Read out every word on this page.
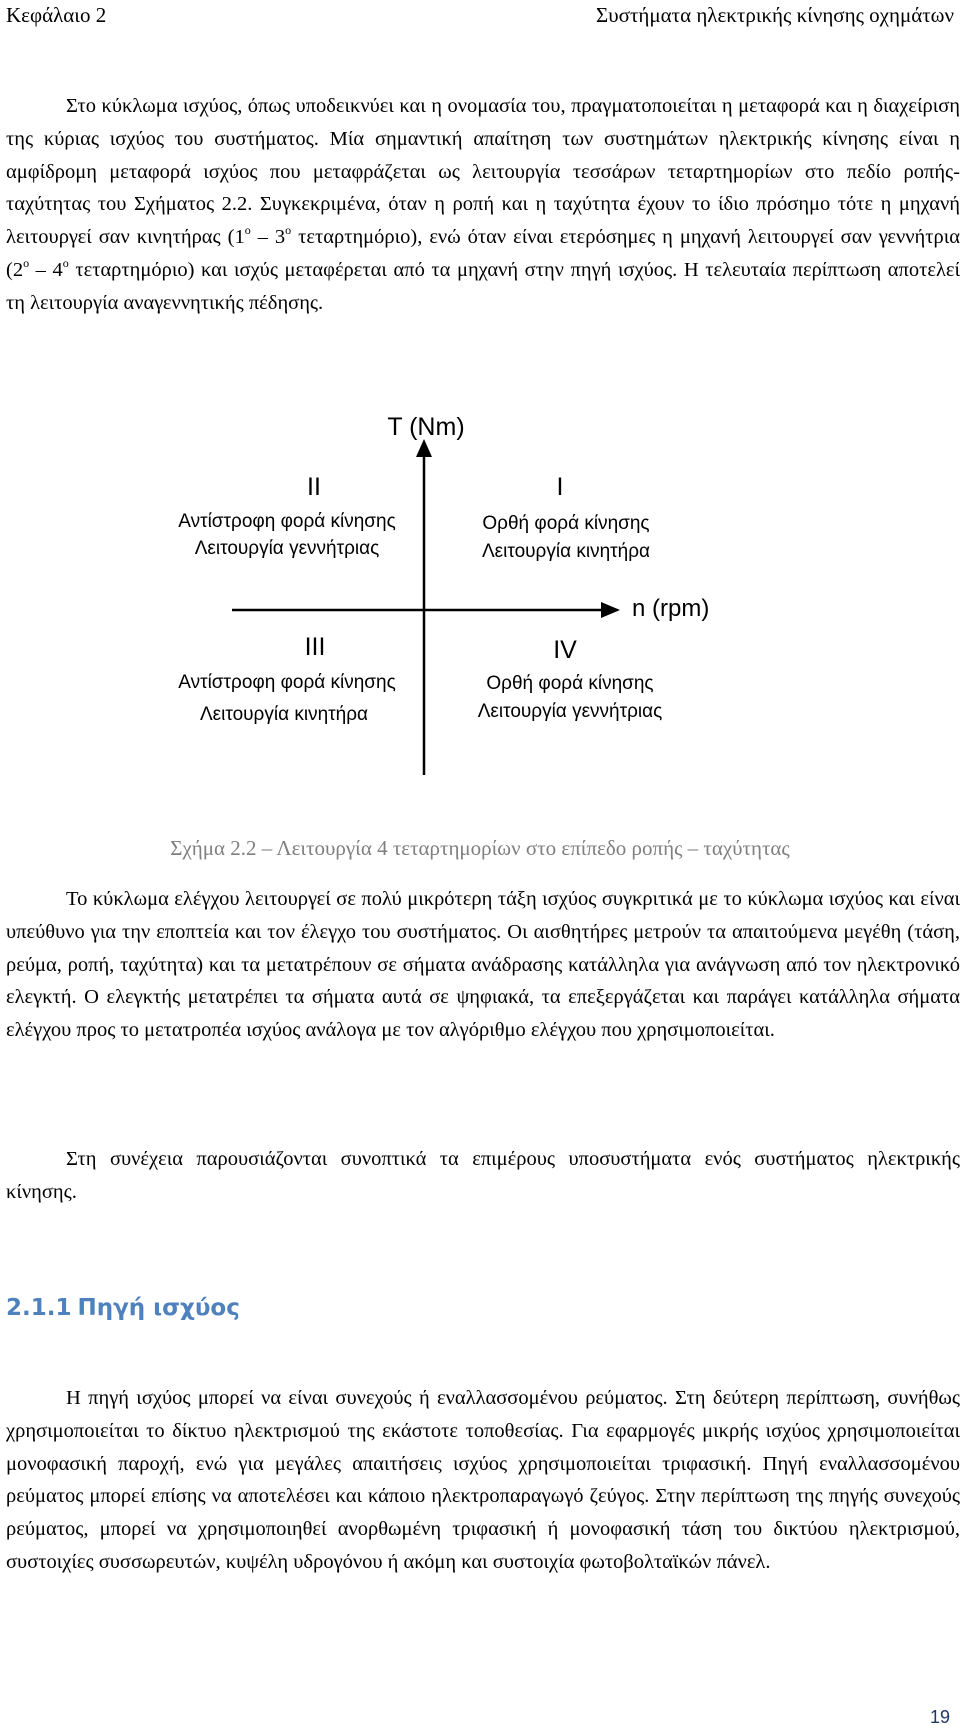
Κεφάλαιο 2	Συστήματα ηλεκτρικής κίνησης οχημάτων

Στο κύκλωμα ισχύος, όπως υποδεικνύει και η ονομασία του, πραγματοποιείται η μεταφορά και η διαχείριση της κύριας ισχύος του συστήματος. Μία σημαντική απαίτηση των συστημάτων ηλεκτρικής κίνησης είναι η αμφίδρομη μεταφορά ισχύος που μεταφράζεται ως λειτουργία τεσσάρων τεταρτημορίων στο πεδίο ροπής-ταχύτητας του Σχήματος 2.2. Συγκεκριμένα, όταν η ροπή και η ταχύτητα έχουν το ίδιο πρόσημο τότε η μηχανή λειτουργεί σαν κινητήρας ($1^o - 3^o$ τεταρτημόριο), ενώ όταν είναι ετερόσημες η μηχανή λειτουργεί σαν γεννήτρια ($2^o - 4^o$ τεταρτημόριο) και ισχύς μεταφέρεται από τα μηχανή στην πηγή ισχύος. Η τελευταία περίπτωση αποτελεί τη λειτουργία αναγεννητικής πέδησης.

T (Nm)
n (rpm)
II
Αντίστροφη φορά κίνησης
Λειτουργία γεννήτριας
I
Ορθή φορά κίνησης
Λειτουργία κινητήρα
III
Αντίστροφη φορά κίνησης
Λειτουργία κινητήρα
IV
Ορθή φορά κίνησης
Λειτουργία γεννήτριας
Σχήμα 2.2 – Λειτουργία 4 τεταρτημορίων στο επίπεδο ροπής – ταχύτητας

Το κύκλωμα ελέγχου λειτουργεί σε πολύ μικρότερη τάξη ισχύος συγκριτικά με το κύκλωμα ισχύος και είναι υπεύθυνο για την εποπτεία και τον έλεγχο του συστήματος. Οι αισθητήρες μετρούν τα απαιτούμενα μεγέθη (τάση, ρεύμα, ροπή, ταχύτητα) και τα μετατρέπουν σε σήματα ανάδρασης κατάλληλα για ανάγνωση από τον ηλεκτρονικό ελεγκτή. Ο ελεγκτής μετατρέπει τα σήματα αυτά σε ψηφιακά, τα επεξεργάζεται και παράγει κατάλληλα σήματα ελέγχου προς το μετατροπέα ισχύος ανάλογα με τον αλγόριθμο ελέγχου που χρησιμοποιείται.

Στη συνέχεια παρουσιάζονται συνοπτικά τα επιμέρους υποσυστήματα ενός συστήματος ηλεκτρικής κίνησης.

2.1.1 Πηγή ισχύος

Η πηγή ισχύος μπορεί να είναι συνεχούς ή εναλλασσομένου ρεύματος. Στη δεύτερη περίπτωση, συνήθως χρησιμοποιείται το δίκτυο ηλεκτρισμού της εκάστοτε τοποθεσίας. Για εφαρμογές μικρής ισχύος χρησιμοποιείται μονοφασική παροχή, ενώ για μεγάλες απαιτήσεις ισχύος χρησιμοποιείται τριφασική. Πηγή εναλλασσομένου ρεύματος μπορεί επίσης να αποτελέσει και κάποιο ηλεκτροπαραγωγό ζεύγος. Στην περίπτωση της πηγής συνεχούς ρεύματος, μπορεί να χρησιμοποιηθεί ανορθωμένη τριφασική ή μονοφασική τάση του δικτύου ηλεκτρισμού, συστοιχίες συσσωρευτών, κυψέλη υδρογόνου ή ακόμη και συστοιχία φωτοβολταϊκών πάνελ.

19
